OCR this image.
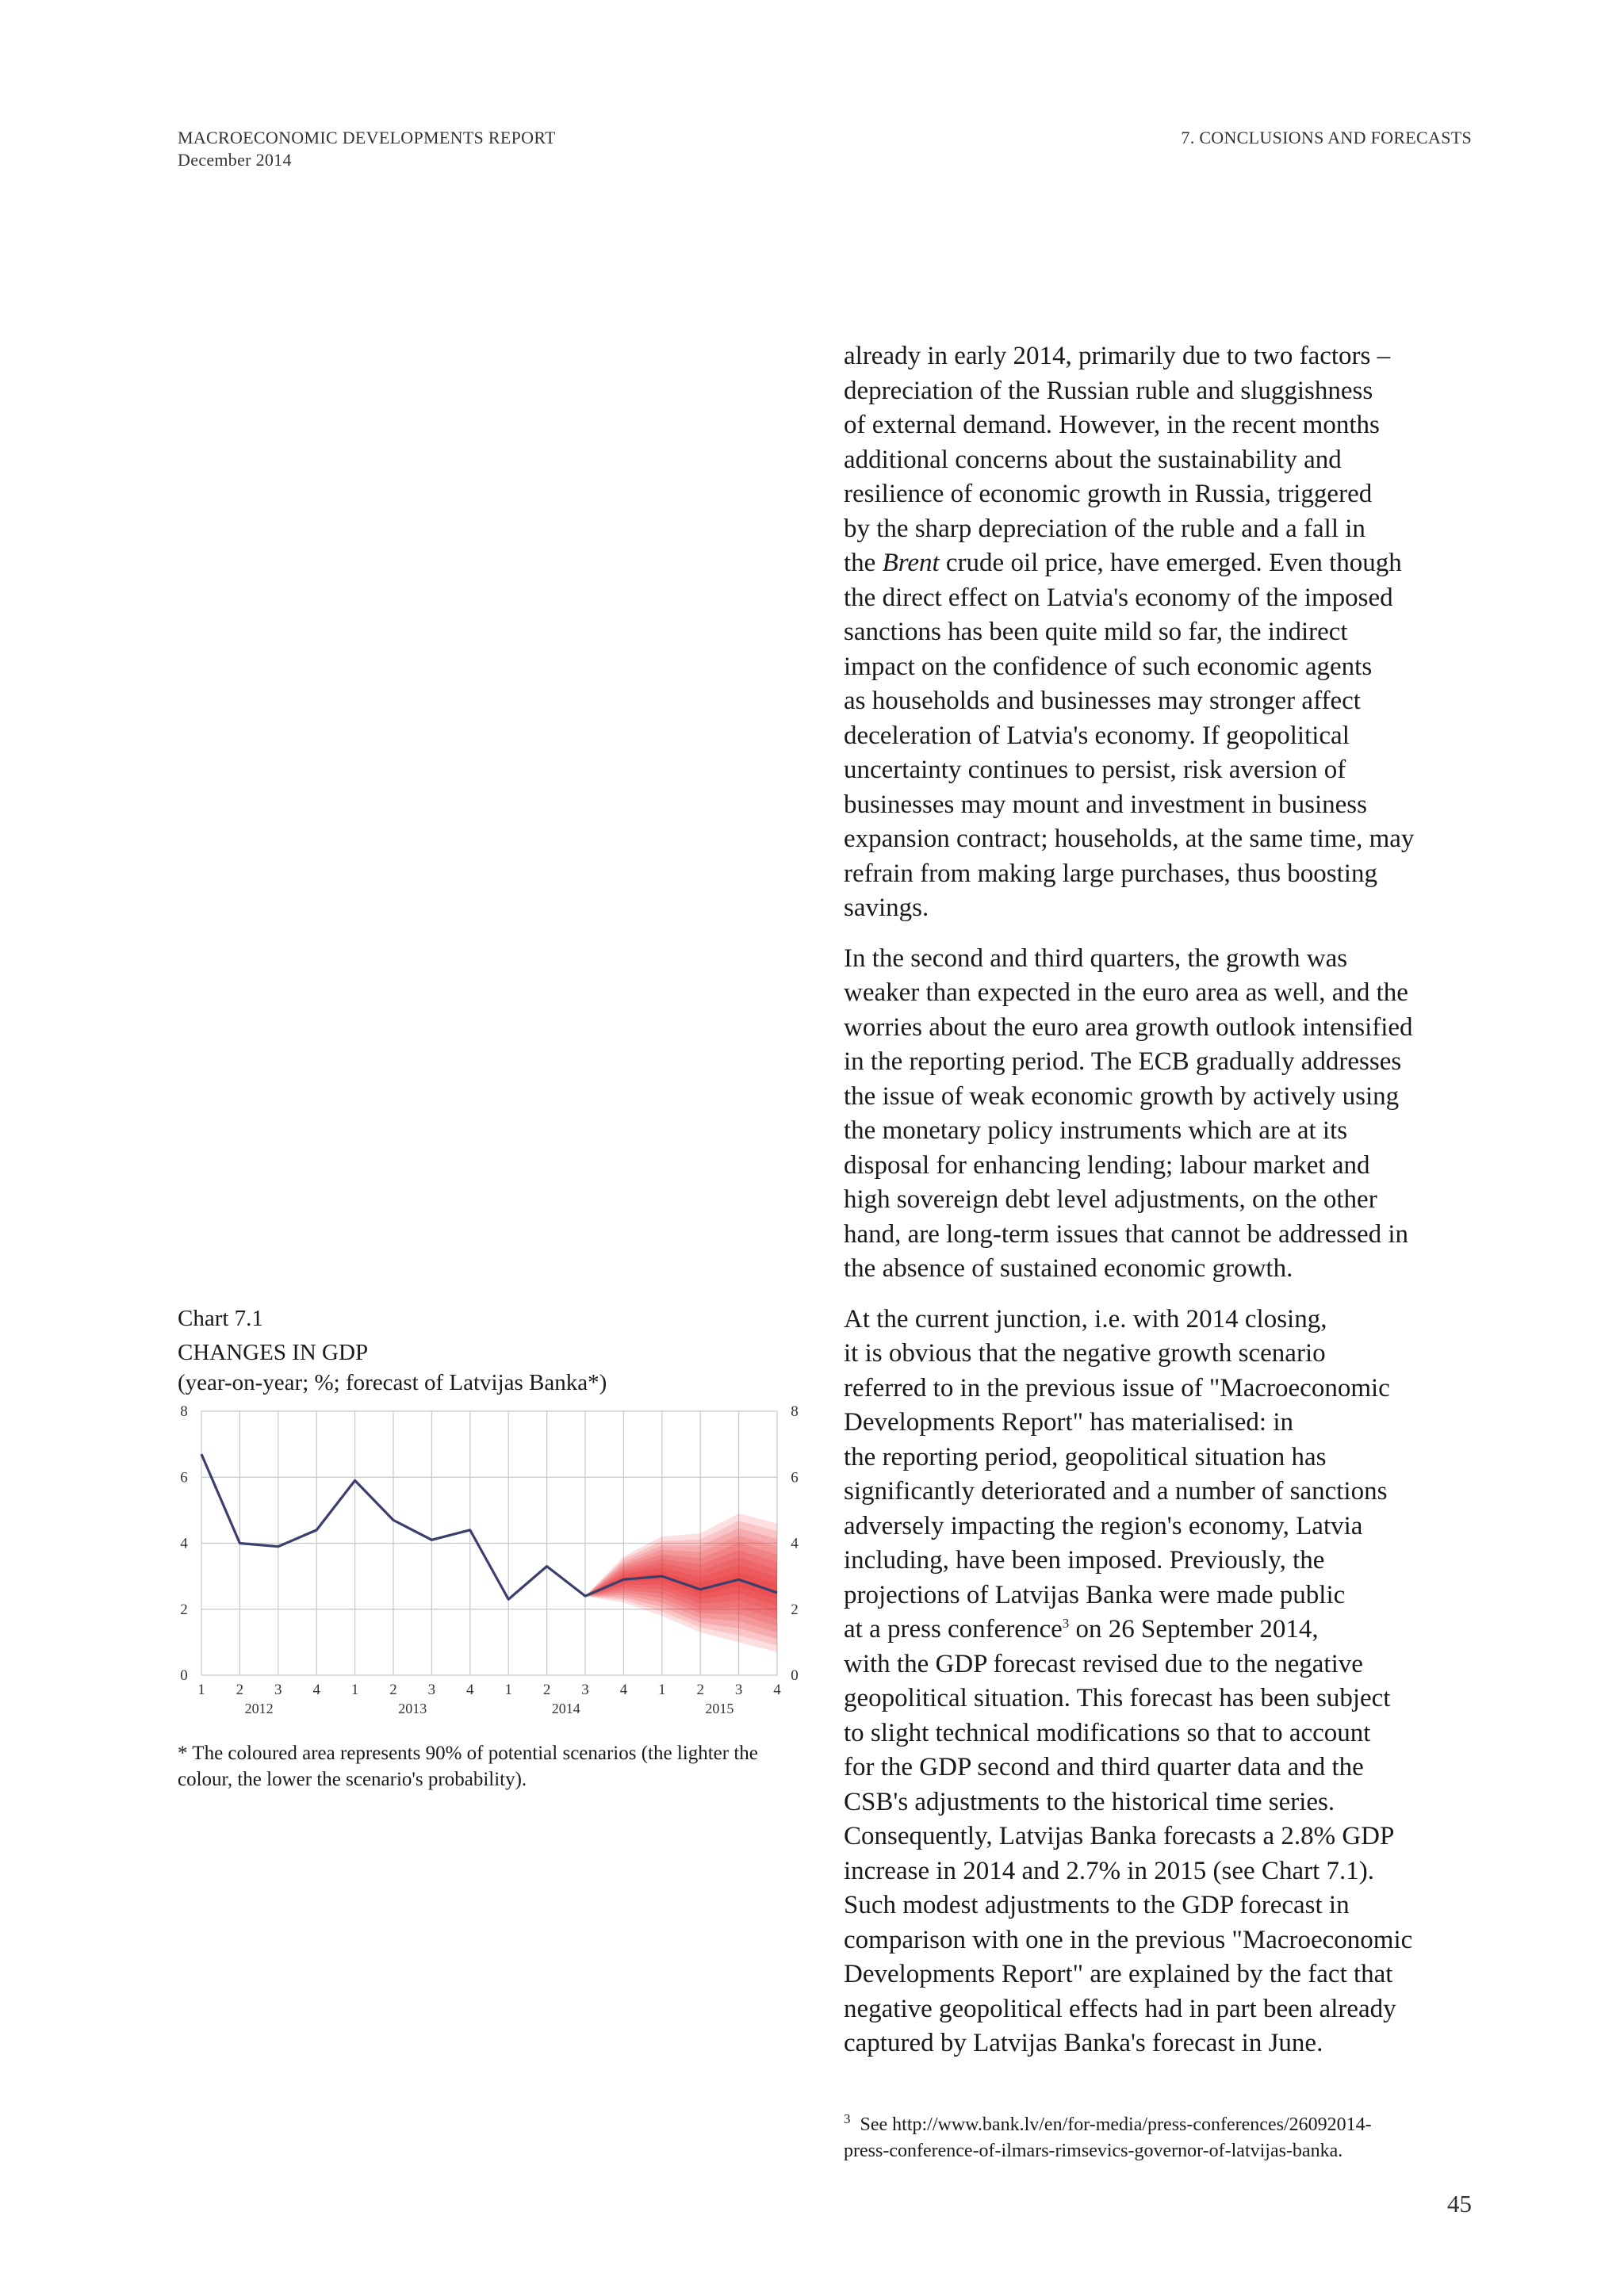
MACROECONOMIC DEVELOPMENTS REPORT
December 2014
7. CONCLUSIONS AND FORECASTS

already in early 2014, primarily due to two factors –
depreciation of the Russian ruble and sluggishness
of external demand. However, in the recent months
additional concerns about the sustainability and
resilience of economic growth in Russia, triggered
by the sharp depreciation of the ruble and a fall in
the Brent crude oil price, have emerged. Even though
the direct effect on Latvia's economy of the imposed
sanctions has been quite mild so far, the indirect
impact on the confidence of such economic agents
as households and businesses may stronger affect
deceleration of Latvia's economy. If geopolitical
uncertainty continues to persist, risk aversion of
businesses may mount and investment in business
expansion contract; households, at the same time, may
refrain from making large purchases, thus boosting
savings.

In the second and third quarters, the growth was
weaker than expected in the euro area as well, and the
worries about the euro area growth outlook intensified
in the reporting period. The ECB gradually addresses
the issue of weak economic growth by actively using
the monetary policy instruments which are at its
disposal for enhancing lending; labour market and
high sovereign debt level adjustments, on the other
hand, are long-term issues that cannot be addressed in
the absence of sustained economic growth.

At the current junction, i.e. with 2014 closing,
it is obvious that the negative growth scenario
referred to in the previous issue of "Macroeconomic
Developments Report" has materialised: in
the reporting period, geopolitical situation has
significantly deteriorated and a number of sanctions
adversely impacting the region's economy, Latvia
including, have been imposed. Previously, the
projections of Latvijas Banka were made public
at a press conference$^3$ on 26 September 2014,
with the GDP forecast revised due to the negative
geopolitical situation. This forecast has been subject
to slight technical modifications so that to account
for the GDP second and third quarter data and the
CSB's adjustments to the historical time series.
Consequently, Latvijas Banka forecasts a 2.8% GDP
increase in 2014 and 2.7% in 2015 (see Chart 7.1).
Such modest adjustments to the GDP forecast in
comparison with one in the previous "Macroeconomic
Developments Report" are explained by the fact that
negative geopolitical effects had in part been already
captured by Latvijas Banka's forecast in June.

Chart 7.1
CHANGES IN GDP
(year-on-year; %; forecast of Latvijas Banka*)
0	0
2	2
4	4
6	6
8	8
1 2 3 4 1 2 3 4 1 2 3 4 1 2 3 4
2012	2013	2014	2015
* The coloured area represents 90% of potential scenarios (the lighter the colour, the lower the scenario's probability).
$^3$ See http://www.bank.lv/en/for-media/press-conferences/26092014-
press-conference-of-ilmars-rimsevics-governor-of-latvijas-banka.
45
